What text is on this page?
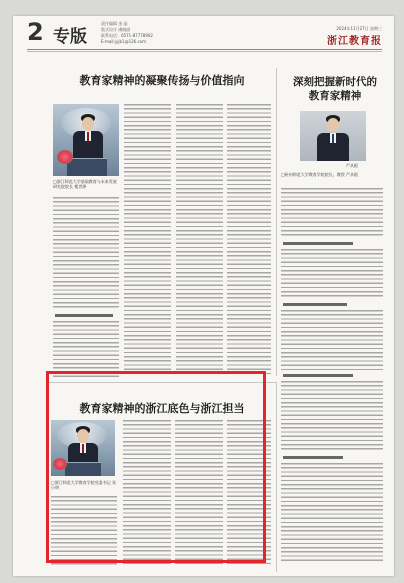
2 专版
责任编辑 金 晶
版式设计 虞晓丽
联系电话：0571-87778902
E-mail:jyjb1@126.com
2024年11月27日 星期三
浙江教育报
教育家精神的凝聚传扬与价值指向
□浙江师范大学基础教育与未来发展研究院院长 楼世洲
深刻把握新时代的
教育家精神
严从根
□杭州师范大学教育学院院长、教授 严从根
教育家精神的浙江底色与浙江担当
□浙江师范大学教育学院党委书记 张小明
